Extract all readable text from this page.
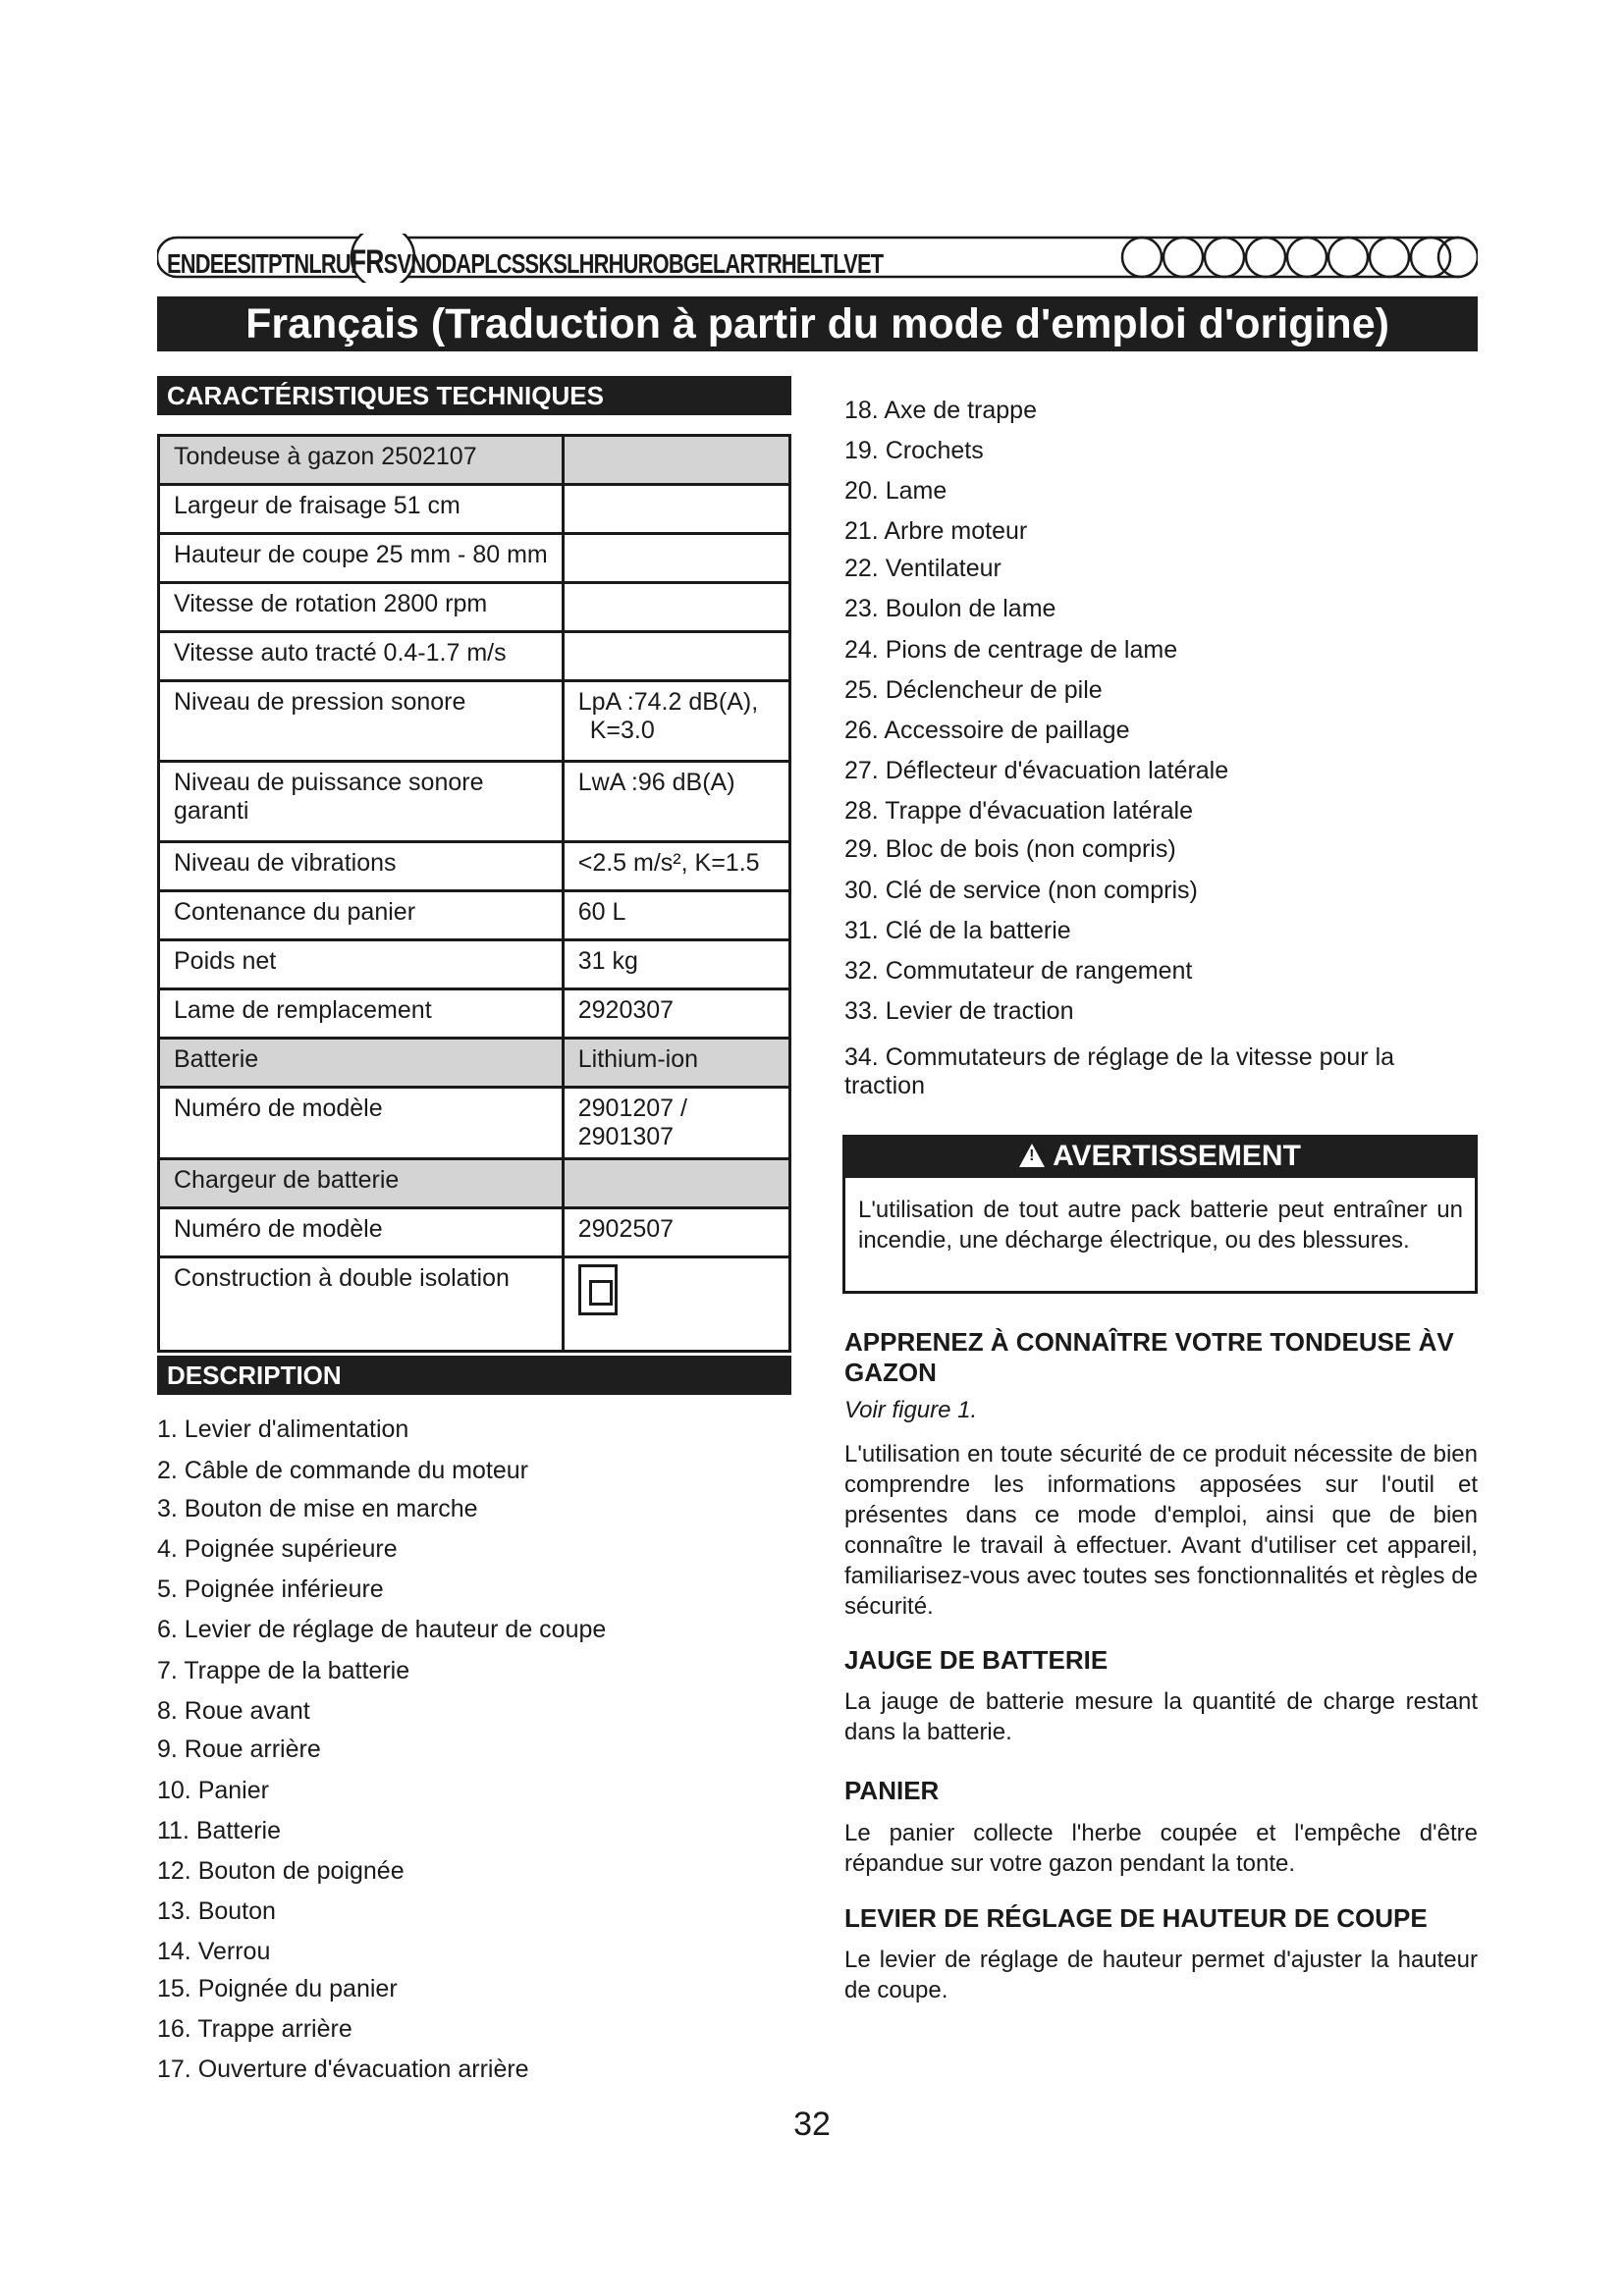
ENDEESITPTNLRUFRSVNODAPLCSSKSLHRHUROBGELARTRHELTLVET
Français (Traduction à partir du mode d'emploi d'origine)
CARACTÉRISTIQUES TECHNIQUES
Tondeuse à gazon 2502107	
Largeur de fraisage 51 cm	
Hauteur de coupe 25 mm - 80 mm	
Vitesse de rotation 2800 rpm	
Vitesse auto tracté 0.4-1.7 m/s	
Niveau de pression sonore	LpA :74.2 dB(A),
K=3.0

Niveau de puissance sonore garanti	LwA :96 dB(A)
Niveau de vibrations	<2.5 m/s², K=1.5
Contenance du panier	60 L
Poids net	31 kg
Lame de remplacement	2920307
Batterie	Lithium-ion
Numéro de modèle	2901207 / 2901307
Chargeur de batterie	
Numéro de modèle	2902507
Construction à double isolation	
DESCRIPTION
1. Levier d'alimentation
2. Câble de commande du moteur
3. Bouton de mise en marche
4. Poignée supérieure
5. Poignée inférieure
6. Levier de réglage de hauteur de coupe
7. Trappe de la batterie
8. Roue avant
9. Roue arrière
10. Panier
11. Batterie
12. Bouton de poignée
13. Bouton
14. Verrou
15. Poignée du panier
16. Trappe arrière
17. Ouverture d'évacuation arrière
18. Axe de trappe
19. Crochets
20. Lame
21. Arbre moteur
22. Ventilateur
23. Boulon de lame
24. Pions de centrage de lame
25. Déclencheur de pile
26. Accessoire de paillage
27. Déflecteur d'évacuation latérale
28. Trappe d'évacuation latérale
29. Bloc de bois (non compris)
30. Clé de service (non compris)
31. Clé de la batterie
32. Commutateur de rangement
33. Levier de traction
34. Commutateurs de réglage de la vitesse pour la
traction
! AVERTISSEMENT
L'utilisation de tout autre pack batterie peut entraîner un incendie, une décharge électrique, ou des blessures.
APPRENEZ À CONNAÎTRE VOTRE TONDEUSE ÀV GAZON
Voir figure 1.
L'utilisation en toute sécurité de ce produit nécessite de bien comprendre les informations apposées sur l'outil et présentes dans ce mode d'emploi, ainsi que de bien connaître le travail à effectuer. Avant d'utiliser cet appareil, familiarisez-vous avec toutes ses fonctionnalités et règles de sécurité.
JAUGE DE BATTERIE
La jauge de batterie mesure la quantité de charge restant dans la batterie.
PANIER
Le panier collecte l'herbe coupée et l'empêche d'être répandue sur votre gazon pendant la tonte.
LEVIER DE RÉGLAGE DE HAUTEUR DE COUPE
Le levier de réglage de hauteur permet d'ajuster la hauteur de coupe.
32
